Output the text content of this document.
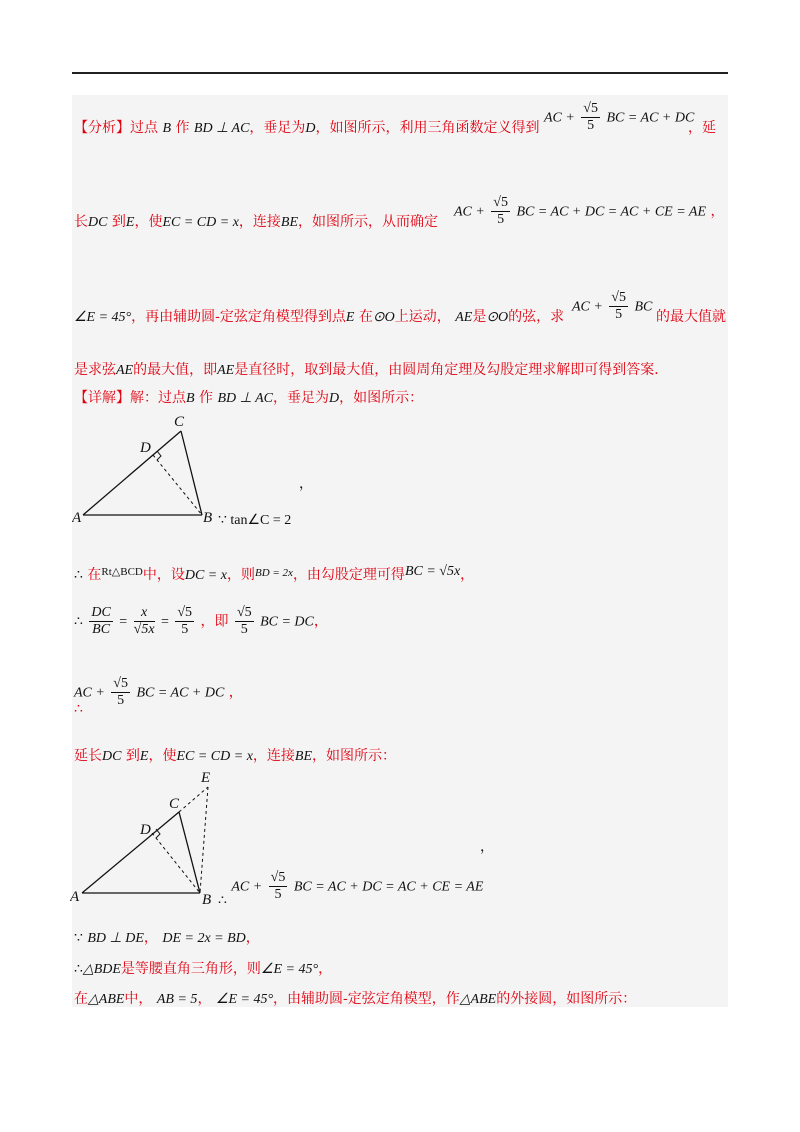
【分析】过点 B 作 BD ⊥ AC，垂足为D，如图所示，利用三角函数定义得到
AC + $\frac{√5}{5}$ BC = AC + DC
，延
长DC 到E，使EC = CD = x，连接BE，如图所示，从而确定
AC + $\frac{√5}{5}$ BC = AC + DC = AC + CE = AE ，
∠E = 45°，再由辅助圆-定弦定角模型得到点E 在⊙O上运动， AE是⊙O的弦，求
AC + $\frac{√5}{5}$ BC
的最大值就
是求弦AE的最大值，即AE是直径时，取到最大值，由圆周角定理及勾股定理求解即可得到答案．
【详解】解：过点B 作 BD ⊥ AC，垂足为D，如图所示：
A	B
C
D
，
∵ tan∠C = 2
∴ 在$^{Rt\triangle BCD}$中，设DC = x，则$^{BD = 2x}$，由勾股定理可得BC = √5x，
∴ $\frac{DC}{BC} = \frac{x}{√5x} = \frac{√5}{5}$ ，即 $\frac{√5}{5}$ BC = DC，
AC + $\frac{√5}{5}$ BC = AC + DC ，
∴
延长DC 到E，使EC = CD = x，连接BE，如图所示：
A	B
C
D
E
，
∴ AC + $\frac{√5}{5}$ BC = AC + DC = AC + CE = AE
∵ BD ⊥ DE， DE = 2x = BD，
∴△BDE是等腰直角三角形，则∠E = 45°，
在△ABE中， AB = 5， ∠E = 45°，由辅助圆-定弦定角模型，作△ABE的外接圆，如图所示：
